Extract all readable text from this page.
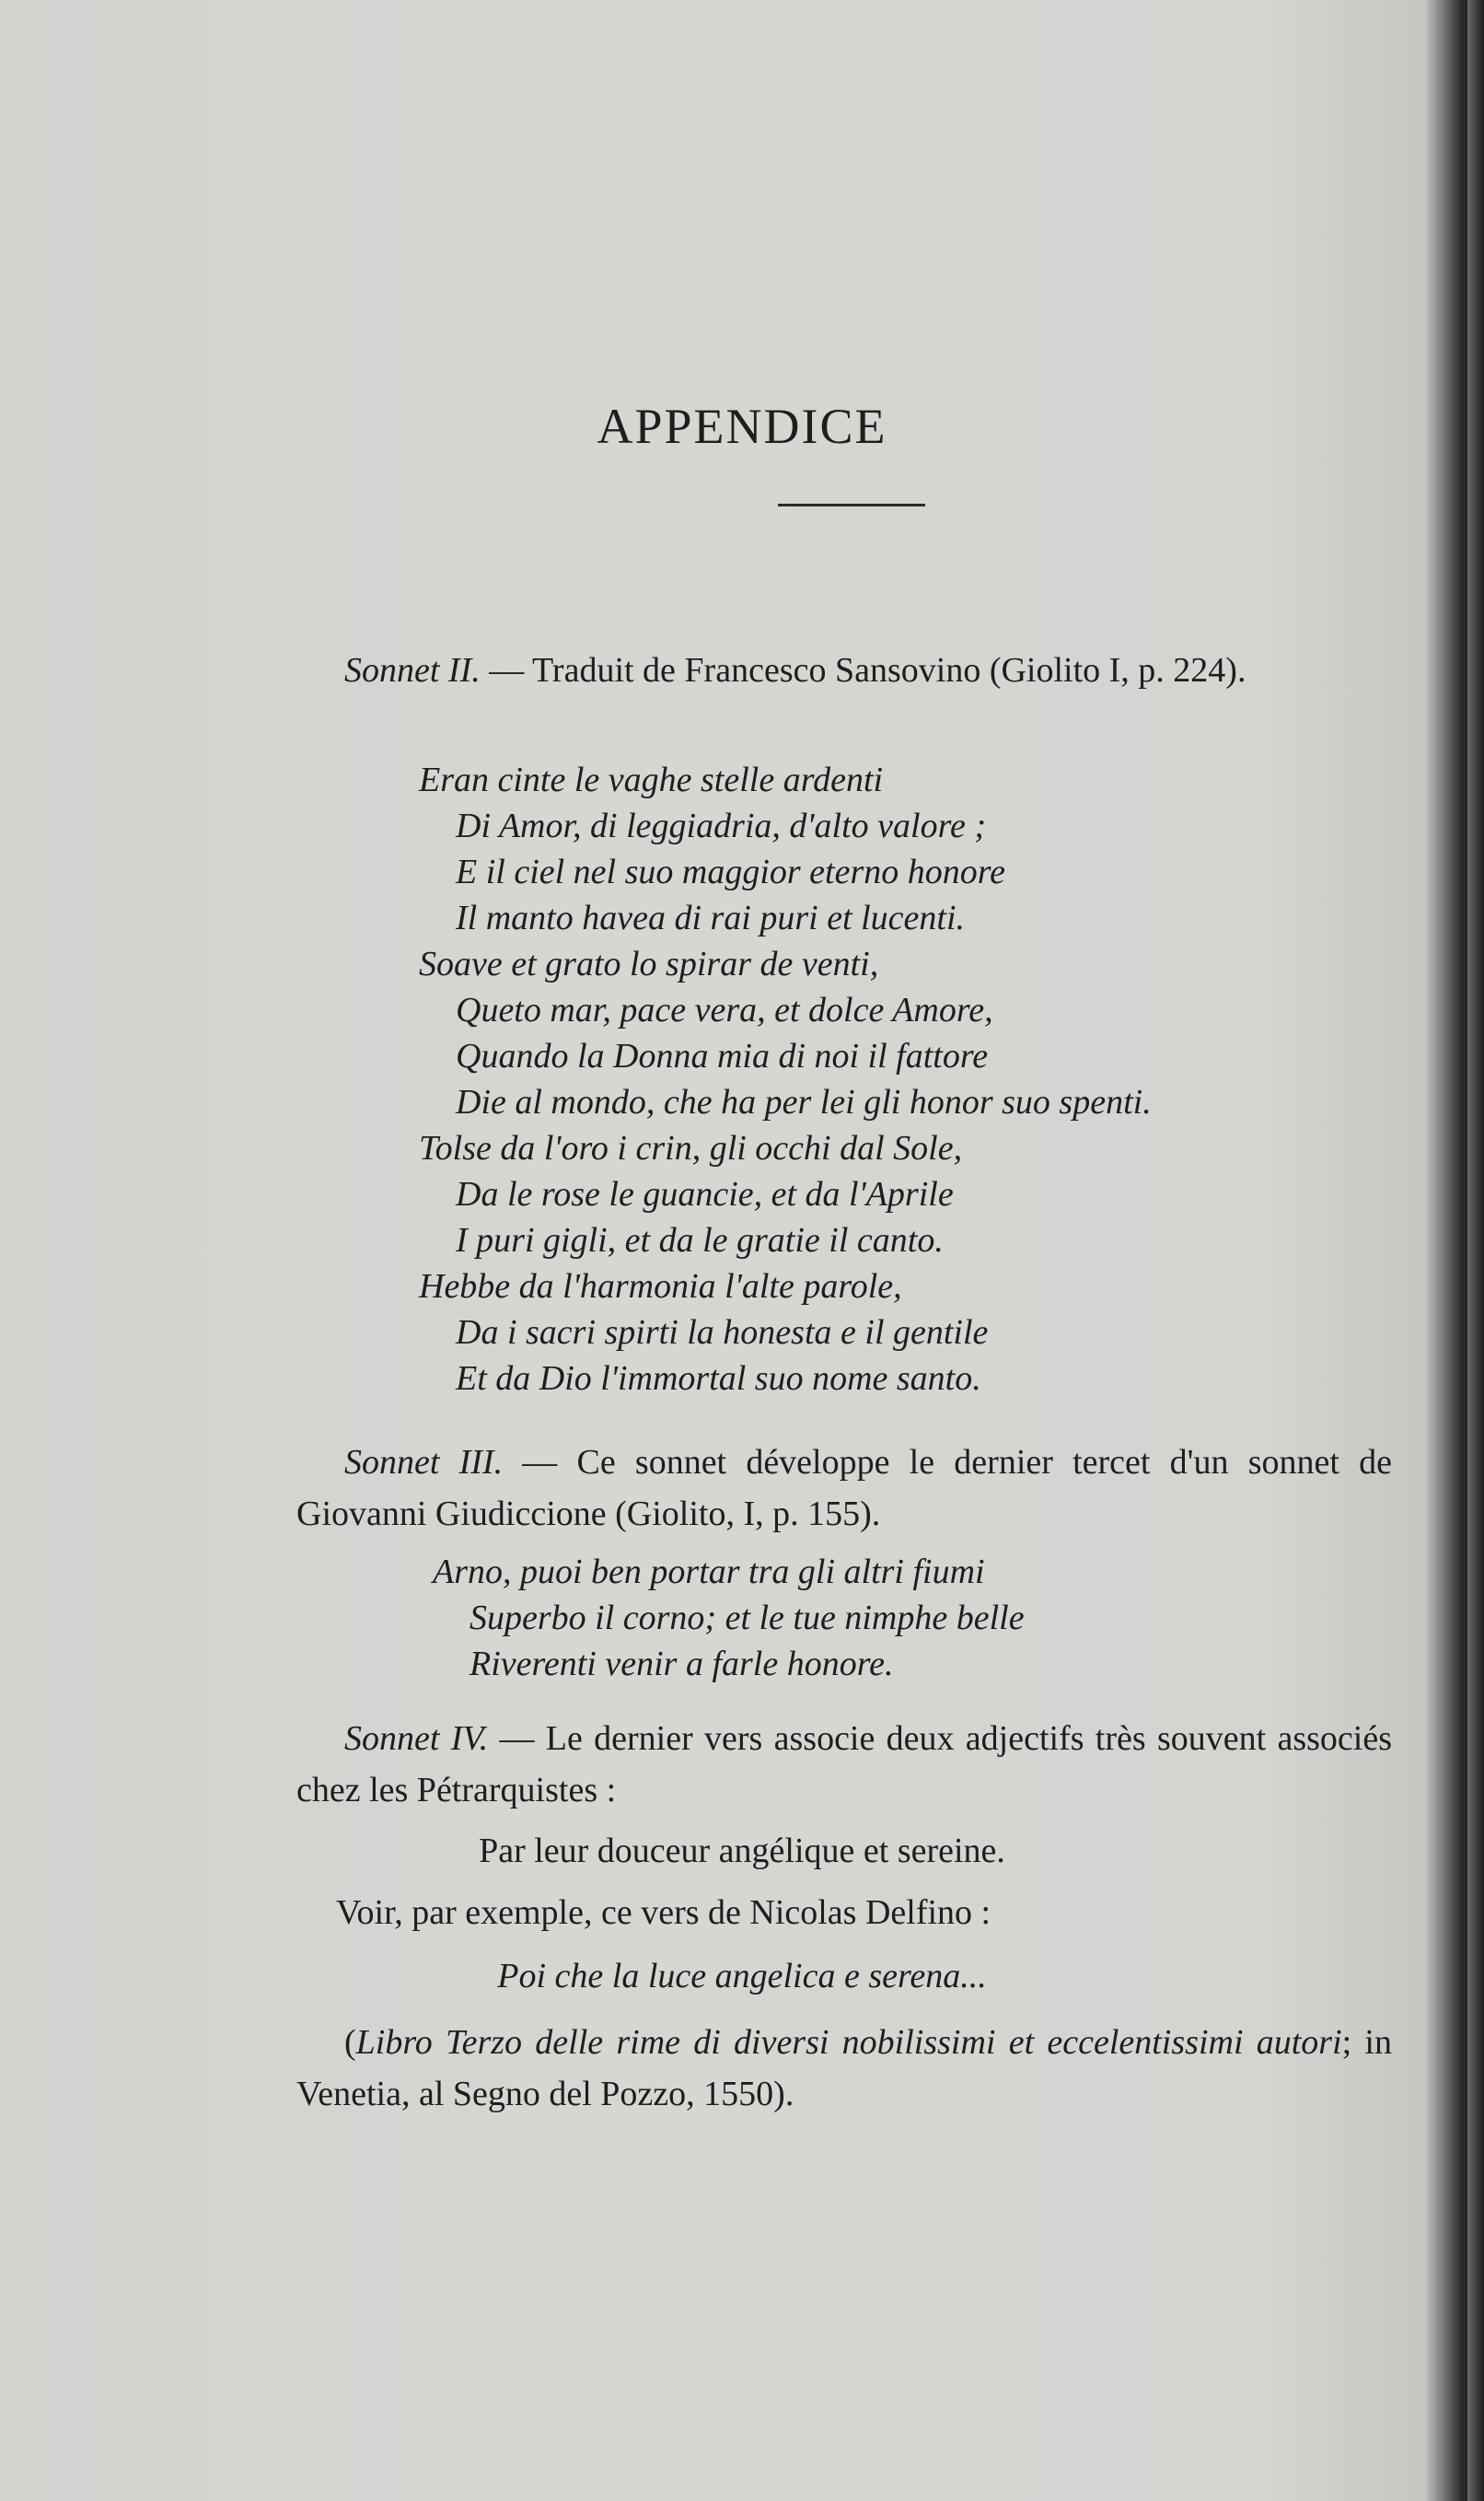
APPENDICE

Sonnet II. — Traduit de Francesco Sansovino (Giolito I, p. 224).

Eran cinte le vaghe stelle ardenti
Di Amor, di leggiadria, d'alto valore ;
E il ciel nel suo maggior eterno honore
Il manto havea di rai puri et lucenti.
Soave et grato lo spirar de venti,
Queto mar, pace vera, et dolce Amore,
Quando la Donna mia di noi il fattore
Die al mondo, che ha per lei gli honor suo spenti.
Tolse da l'oro i crin, gli occhi dal Sole,
Da le rose le guancie, et da l'Aprile
I puri gigli, et da le gratie il canto.
Hebbe da l'harmonia l'alte parole,
Da i sacri spirti la honesta e il gentile
Et da Dio l'immortal suo nome santo.

Sonnet III. — Ce sonnet développe le dernier tercet d'un sonnet de Giovanni Giudiccione (Giolito, I, p. 155).

Arno, puoi ben portar tra gli altri fiumi
Superbo il corno; et le tue nimphe belle
Riverenti venir a farle honore.

Sonnet IV. — Le dernier vers associe deux adjectifs très souvent associés chez les Pétrarquistes :

Par leur douceur angélique et sereine.
Voir, par exemple, ce vers de Nicolas Delfino :
Poi che la luce angelica e serena...

(Libro Terzo delle rime di diversi nobilissimi et eccelentissimi autori; in Venetia, al Segno del Pozzo, 1550).
